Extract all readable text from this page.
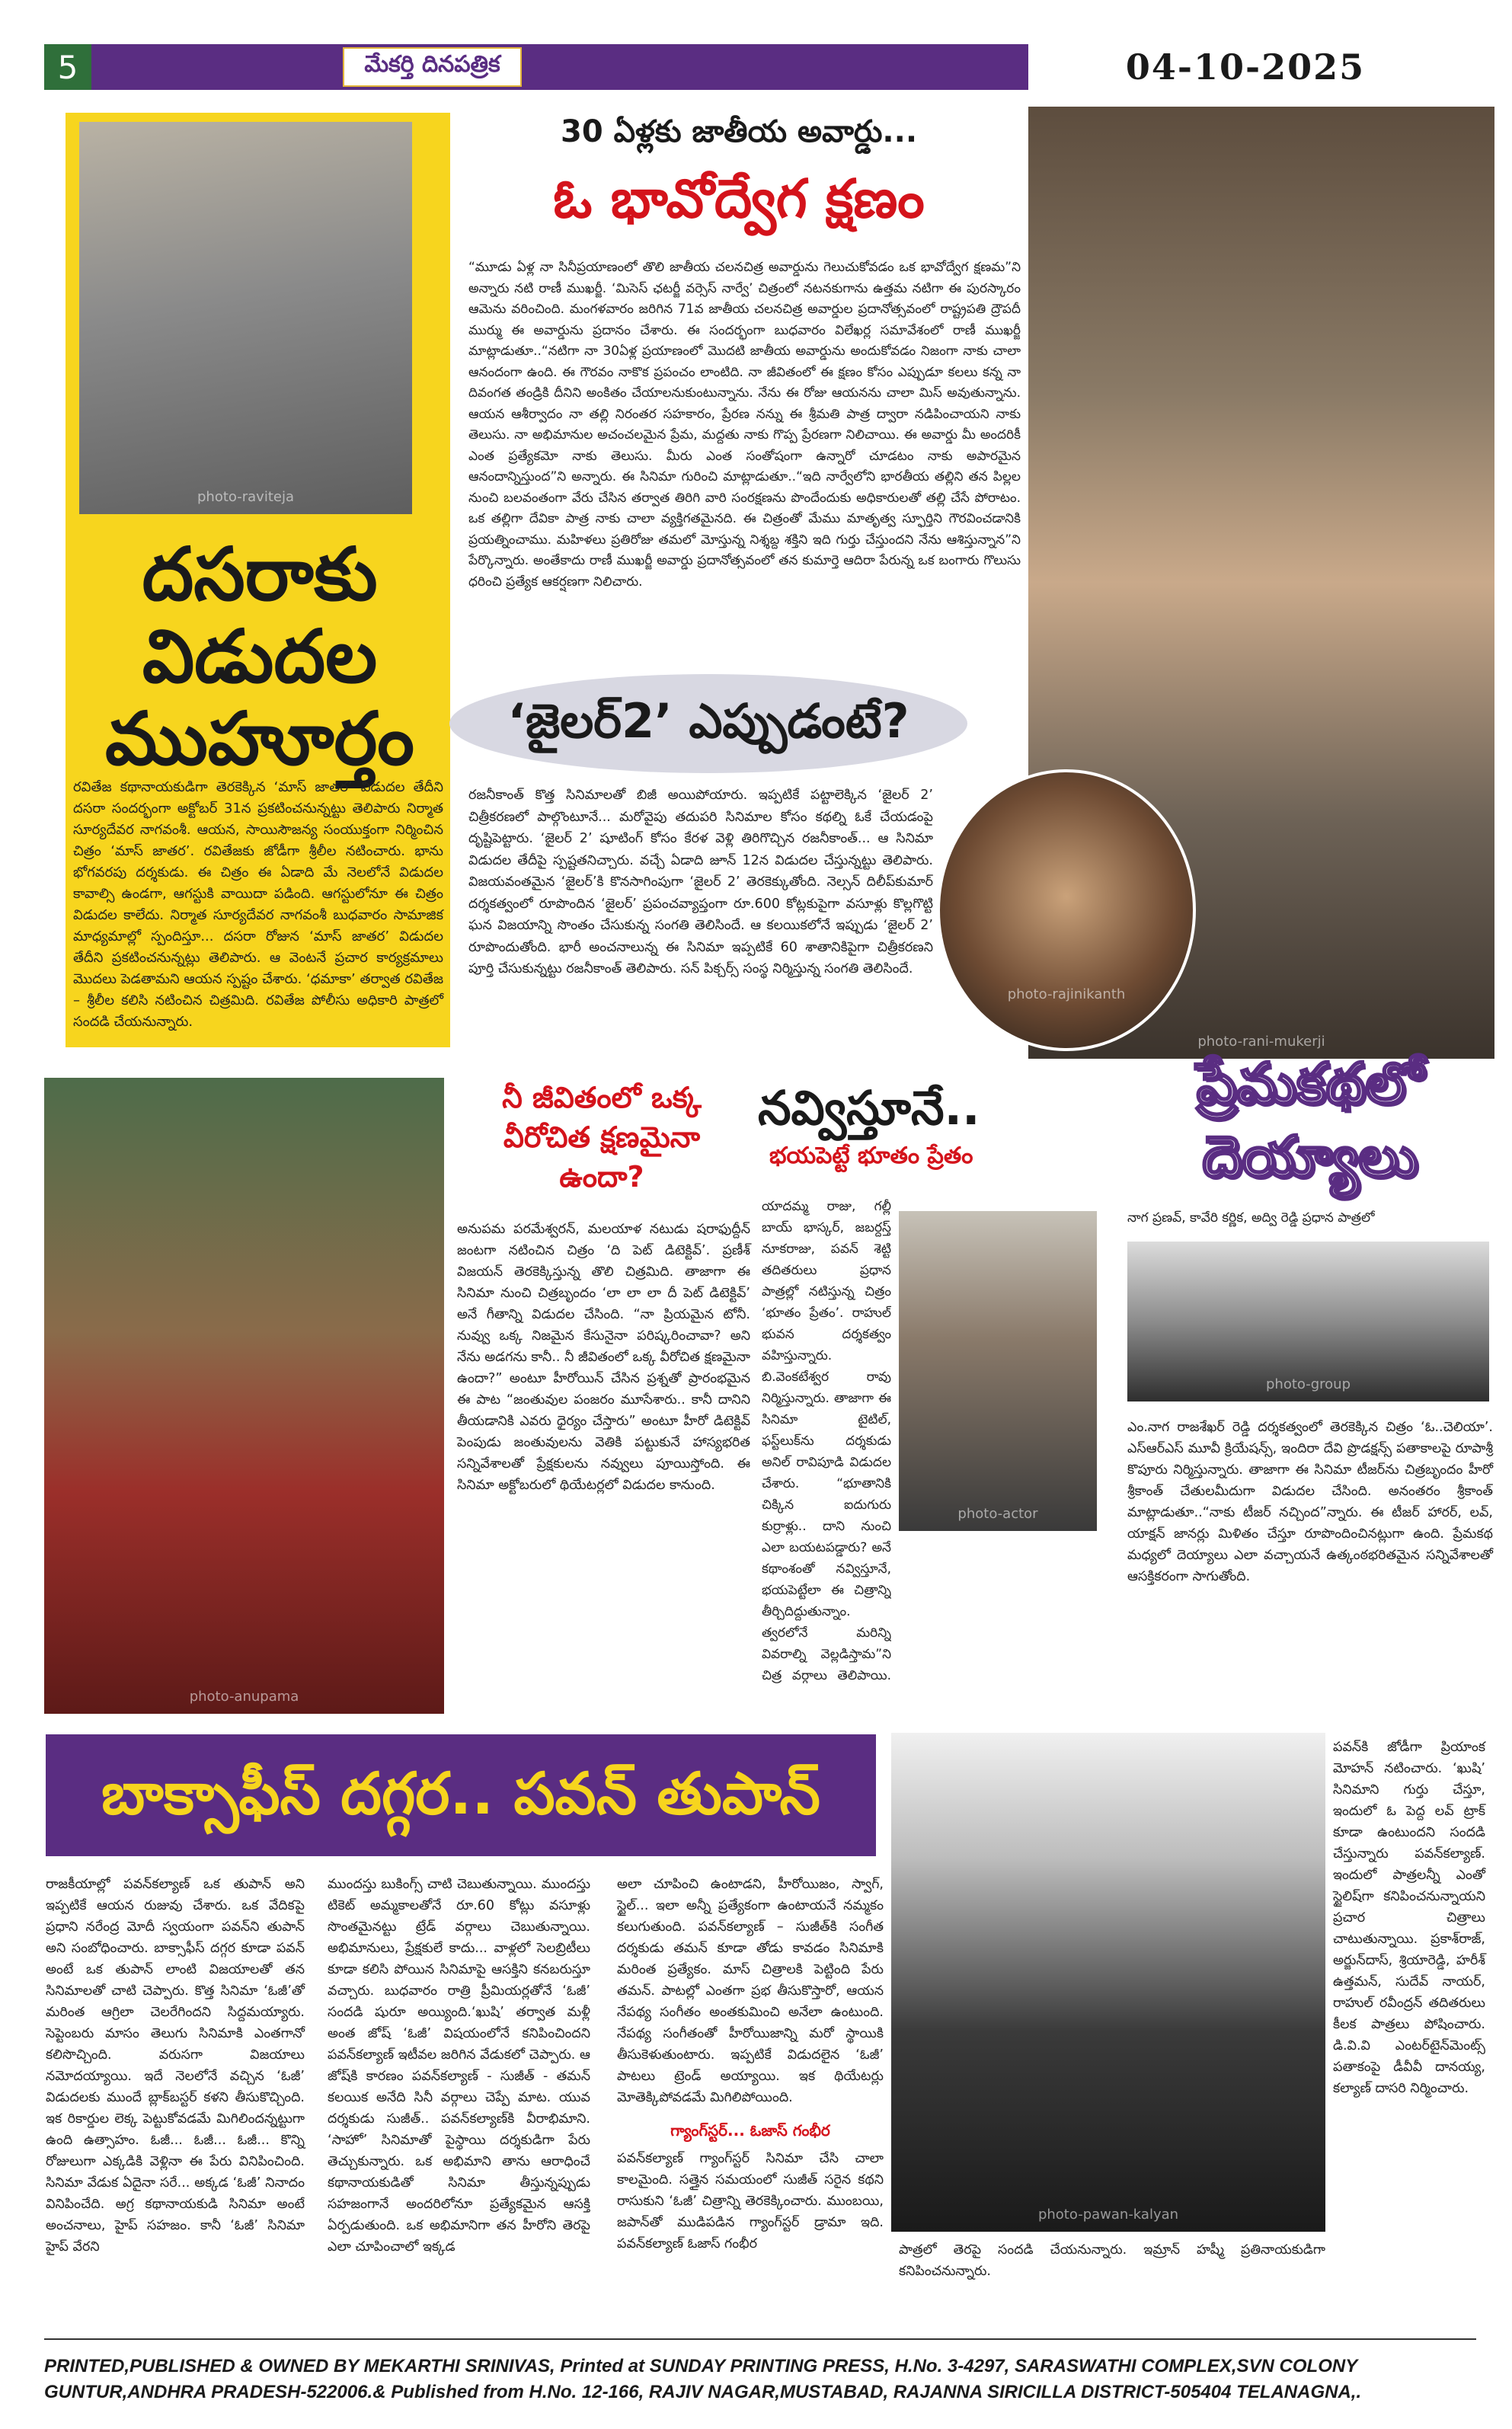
5	మేకర్తి దినపత్రిక	04-10-2025
photo-raviteja
దసరాకు
విడుదల
ముహూర్తం
రవితేజ కథానాయకుడిగా తెరకెక్కిన ‘మాస్ జాతర’ విడుదల తేదీని దసరా సందర్భంగా అక్టోబర్ 31న ప్రకటించనున్నట్టు తెలిపారు నిర్మాత సూర్యదేవర నాగవంశీ. ఆయన, సాయిసౌజన్య సంయుక్తంగా నిర్మించిన చిత్రం ‘మాస్ జాతర’. రవితేజకు జోడీగా శ్రీలీల నటించారు. భాను భోగవరపు దర్శకుడు. ఈ చిత్రం ఈ ఏడాది మే నెలలోనే విడుదల కావాల్సి ఉండగా, ఆగస్టుకి వాయిదా పడింది. ఆగస్టులోనూ ఈ చిత్రం విడుదల కాలేదు. నిర్మాత సూర్యదేవర నాగవంశీ బుధవారం సామాజిక మాధ్యమాల్లో స్పందిస్తూ... దసరా రోజున ‘మాస్ జాతర’ విడుదల తేదీని ప్రకటించనున్నట్లు తెలిపారు. ఆ వెంటనే ప్రచార కార్యక్రమాలు మొదలు పెడతామని ఆయన స్పష్టం చేశారు. ‘ధమాకా’ తర్వాత రవితేజ – శ్రీలీల కలిసి నటించిన చిత్రమిది. రవితేజ పోలీసు అధికారి పాత్రలో సందడి చేయనున్నారు.
30 ఏళ్లకు జాతీయ అవార్డు...
ఓ భావోద్వేగ క్షణం
“మూడు ఏళ్ల నా సినీప్రయాణంలో తొలి జాతీయ చలనచిత్ర అవార్డును గెలుచుకోవడం ఒక భావోద్వేగ క్షణమ”ని అన్నారు నటి రాణీ ముఖర్జీ. ‘మిసెస్ ఛటర్జీ వర్సెస్ నార్వే’ చిత్రంలో నటనకుగాను ఉత్తమ నటిగా ఈ పురస్కారం ఆమెను వరించింది. మంగళవారం జరిగిన 71వ జాతీయ చలనచిత్ర అవార్డుల ప్రదానోత్సవంలో రాష్ట్రపతి ద్రౌపదీ ముర్ము ఈ అవార్డును ప్రదానం చేశారు. ఈ సందర్భంగా బుధవారం విలేఖర్ల సమావేశంలో రాణీ ముఖర్జీ మాట్లాడుతూ..“నటిగా నా 30ఏళ్ల ప్రయాణంలో మొదటి జాతీయ అవార్డును అందుకోవడం నిజంగా నాకు చాలా ఆనందంగా ఉంది. ఈ గౌరవం నాకొక ప్రపంచం లాంటిది. నా జీవితంలో ఈ క్షణం కోసం ఎప్పుడూ కలలు కన్న నా దివంగత తండ్రికి దీనిని అంకితం చేయాలనుకుంటున్నాను. నేను ఈ రోజు ఆయనను చాలా మిస్ అవుతున్నాను. ఆయన ఆశీర్వాదం నా తల్లి నిరంతర సహకారం, ప్రేరణ నన్ను ఈ శ్రీమతి పాత్ర ద్వారా నడిపించాయని నాకు తెలుసు. నా అభిమానుల అచంచలమైన ప్రేమ, మద్దతు నాకు గొప్ప ప్రేరణగా నిలిచాయి. ఈ అవార్డు మీ అందరికీ ఎంత ప్రత్యేకమో నాకు తెలుసు. మీరు ఎంత సంతోషంగా ఉన్నారో చూడటం నాకు అపారమైన ఆనందాన్నిస్తుంద”ని అన్నారు. ఈ సినిమా గురించి మాట్లాడుతూ..“ఇది నార్వేలోని భారతీయ తల్లిని తన పిల్లల నుంచి బలవంతంగా వేరు చేసిన తర్వాత తిరిగి వారి సంరక్షణను పొందేందుకు అధికారులతో తల్లి చేసే పోరాటం. ఒక తల్లిగా దేవికా పాత్ర నాకు చాలా వ్యక్తిగతమైనది. ఈ చిత్రంతో మేము మాతృత్వ స్ఫూర్తిని గౌరవించడానికి ప్రయత్నించాము. మహిళలు ప్రతిరోజు తమలో మోస్తున్న నిశ్శబ్ద శక్తిని ఇది గుర్తు చేస్తుందని నేను ఆశిస్తున్నాన”ని పేర్కొన్నారు. అంతేకాదు రాణీ ముఖర్జీ అవార్డు ప్రదానోత్సవంలో తన కుమార్తె ఆదిరా పేరున్న ఒక బంగారు గొలుసు ధరించి ప్రత్యేక ఆకర్షణగా నిలిచారు.
photo-rani-mukerji
‘జైలర్2’ ఎప్పుడంటే?
రజనీకాంత్ కొత్త సినిమాలతో బిజీ అయిపోయారు. ఇప్పటికే పట్టాలెక్కిన ‘జైలర్ 2’ చిత్రీకరణలో పాల్గొంటూనే... మరోవైపు తదుపరి సినిమాల కోసం కథల్ని ఓకే చేయడంపై దృష్టిపెట్టారు. ‘జైలర్ 2’ షూటింగ్ కోసం కేరళ వెళ్లి తిరిగొచ్చిన రజనీకాంత్... ఆ సినిమా విడుదల తేదీపై స్పష్టతనిచ్చారు. వచ్చే ఏడాది జూన్ 12న విడుదల చేస్తున్నట్టు తెలిపారు. విజయవంతమైన ‘జైలర్’కి కొనసాగింపుగా ‘జైలర్ 2’ తెరకెక్కుతోంది. నెల్సన్ దిలీప్‌కుమార్ దర్శకత్వంలో రూపొందిన ‘జైలర్’ ప్రపంచవ్యాప్తంగా రూ.600 కోట్లకుపైగా వసూళ్లు కొల్లగొట్టి ఘన విజయాన్ని సొంతం చేసుకున్న సంగతి తెలిసిందే. ఆ కలయికలోనే ఇప్పుడు ‘జైలర్ 2’ రూపొందుతోంది. భారీ అంచనాలున్న ఈ సినిమా ఇప్పటికే 60 శాతానికిపైగా చిత్రీకరణని పూర్తి చేసుకున్నట్టు రజనీకాంత్ తెలిపారు. సన్ పిక్చర్స్ సంస్థ నిర్మిస్తున్న సంగతి తెలిసిందే.
photo-rajinikanth
photo-anupama
నీ జీవితంలో ఒక్క వీరోచిత క్షణమైనా ఉందా?
అనుపమ పరమేశ్వరన్, మలయాళ నటుడు షరాఫుద్దీన్ జంటగా నటించిన చిత్రం ‘ది పెట్ డిటెక్టివ్’. ప్రణీశ్ విజయన్ తెరకెక్కిస్తున్న తొలి చిత్రమిది. తాజాగా ఈ సినిమా నుంచి చిత్రబృందం ‘లా లా లా దీ పెట్ డిటెక్టివ్’ అనే గీతాన్ని విడుదల చేసింది. “నా ప్రియమైన టోనీ. నువ్వు ఒక్క నిజమైన కేసునైనా పరిష్కరించావా? అని నేను అడగను కానీ.. నీ జీవితంలో ఒక్క వీరోచిత క్షణమైనా ఉందా?” అంటూ హీరోయిన్ చేసిన ప్రశ్నతో ప్రారంభమైన ఈ పాట “జంతువుల పంజరం మూసేశారు.. కానీ దానిని తీయడానికి ఎవరు ధైర్యం చేస్తారు” అంటూ హీరో డిటెక్టివ్ పెంపుడు జంతువులను వెతికి పట్టుకునే హాస్యభరిత సన్నివేశాలతో ప్రేక్షకులను నవ్వులు పూయిస్తోంది. ఈ సినిమా అక్టోబరులో థియేటర్లలో విడుదల కానుంది.
నవ్విస్తూనే..
భయపెట్టే భూతం ప్రేతం
యాదమ్మ రాజు, గల్లీ బాయ్ భాస్కర్, జబర్దస్త్ నూకరాజు, పవన్ శెట్టి తదితరులు ప్రధాన పాత్రల్లో నటిస్తున్న చిత్రం ‘భూతం ప్రేతం’. రాహుల్ భువన దర్శకత్వం వహిస్తున్నారు. బి.వెంకటేశ్వర రావు నిర్మిస్తున్నారు. తాజాగా ఈ సినిమా టైటిల్, ఫస్ట్‌లుక్‌ను దర్శకుడు అనిల్ రావిపూడి విడుదల చేశారు. “భూతానికి చిక్కిన ఐదుగురు కుర్రాళ్లు.. దాని నుంచి ఎలా బయటపడ్డారు? అనే కథాంశంతో నవ్విస్తూనే, భయపెట్టేలా ఈ చిత్రాన్ని తీర్చిదిద్దుతున్నాం. త్వరలోనే మరిన్ని వివరాల్ని వెల్లడిస్తామ”ని చిత్ర వర్గాలు తెలిపాయి.
photo-actor
ప్రేమకథలో
దెయ్యాలు
నాగ ప్రణవ్, కావేరి కర్ణిక, అద్వి రెడ్డి ప్రధాన పాత్రలో
photo-group
ఎం.నాగ రాజశేఖర్ రెడ్డి దర్శకత్వంలో తెరకెక్కిన చిత్రం ‘ఓ..చెలియా’. ఎస్ఆర్ఎస్ మూవీ క్రియేషన్స్, ఇందిరా దేవి ప్రొడక్షన్స్ పతాకాలపై రూపాశ్రీ కొపూరు నిర్మిస్తున్నారు. తాజాగా ఈ సినిమా టీజర్‌ను చిత్రబృందం హీరో శ్రీకాంత్ చేతులమీదుగా విడుదల చేసింది. అనంతరం శ్రీకాంత్ మాట్లాడుతూ..“నాకు టీజర్ నచ్చింద”న్నారు. ఈ టీజర్ హారర్, లవ్, యాక్షన్ జానర్లు మిళితం చేస్తూ రూపొందించినట్లుగా ఉంది. ప్రేమకథ మధ్యలో దెయ్యాలు ఎలా వచ్చాయనే ఉత్కంఠభరితమైన సన్నివేశాలతో ఆసక్తికరంగా సాగుతోంది.
బాక్సాఫీస్ దగ్గర.. పవన్ తుపాన్
రాజకీయాల్లో పవన్‌కల్యాణ్ ఒక తుపాన్ అని ఇప్పటికే ఆయన రుజువు చేశారు. ఒక వేదికపై ప్రధాని నరేంద్ర మోదీ స్వయంగా పవన్‌ని తుపాన్ అని సంబోధించారు. బాక్సాఫీస్ దగ్గర కూడా పవన్ అంటే ఒక తుపాన్ లాంటి విజయాలతో తన సినిమాలతో చాటి చెప్పారు. కొత్త సినిమా ‘ఓజీ’తో మరింత ఆగ్రిలా చెలరేగిందని సిద్దమయ్యారు. సెప్టెంబరు మాసం తెలుగు సినిమాకి ఎంతగానో కలిసొచ్చింది. వరుసగా విజయాలు నమోదయ్యాయి. ఇదే నెలలోనే వచ్చిన ‘ఓజీ’ విడుదలకు ముందే బ్లాక్‌బస్టర్ కళని తీసుకొచ్చింది. ఇక రికార్డుల లెక్క పెట్టుకోవడమే మిగిలిందన్నట్టుగా ఉంది ఉత్సాహం. ఓజీ... ఓజీ... ఓజీ... కొన్ని రోజులుగా ఎక్కడికి వెళ్లినా ఈ పేరు వినిపించింది. సినిమా వేడుక ఏదైనా సరే... అక్కడ ‘ఓజీ’ నినాదం వినిపించేది. అగ్ర కథానాయకుడి సినిమా అంటే అంచనాలు, హైప్ సహజం. కానీ ‘ఓజీ’ సినిమా హైప్ వేరని
ముందస్తు బుకింగ్స్ చాటి చెబుతున్నాయి. ముందస్తు టికెట్ అమ్మకాలతోనే రూ.60 కోట్లు వసూళ్లు సొంతమైనట్టు ట్రేడ్ వర్గాలు చెబుతున్నాయి. అభిమానులు, ప్రేక్షకులే కాదు... వాళ్లలో సెలబ్రిటీలు కూడా కలిసి పోయిన సినిమాపై ఆసక్తిని కనబరుస్తూ వచ్చారు. బుధవారం రాత్రి ప్రీమియర్లతోనే ‘ఓజీ’ సందడి షురూ అయ్యింది.‘ఖుషి’ తర్వాత మళ్లీ అంత జోష్ ‘ఓజీ’ విషయంలోనే కనిపించిందని పవన్‌కల్యాణ్ ఇటీవల జరిగిన వేడుకలో చెప్పారు. ఆ జోష్‌కి కారణం పవన్‌కల్యాణ్ - సుజీత్ - తమన్ కలయిక అనేది సినీ వర్గాలు చెప్పే మాట. యువ దర్శకుడు సుజీత్.. పవన్‌కల్యాణ్‌కి వీరాభిమాని. ‘సాహో’ సినిమాతో పైస్థాయి దర్శకుడిగా పేరు తెచ్చుకున్నారు. ఒక అభిమాని తాను ఆరాధించే కథానాయకుడితో సినిమా తీస్తున్నప్పుడు సహజంగానే అందరిలోనూ ప్రత్యేకమైన ఆసక్తి ఏర్పడుతుంది. ఒక అభిమానిగా తన హీరోని తెరపై ఎలా చూపించాలో ఇక్కడ
అలా చూపించి ఉంటాడని, హీరోయిజం, స్వాగ్, స్టైల్... ఇలా అన్నీ ప్రత్యేకంగా ఉంటాయనే నమ్మకం కలుగుతుంది. పవన్‌కల్యాణ్ – సుజీత్‌కి సంగీత దర్శకుడు తమన్ కూడా తోడు కావడం సినిమాకి మరింత ప్రత్యేకం. మాస్ చిత్రాలకి పెట్టింది పేరు తమన్. పాటల్లో ఎంతగా ప్రభ తీసుకొస్తారో, ఆయన నేపథ్య సంగీతం అంతకుమించి అనేలా ఉంటుంది. నేపథ్య సంగీతంతో హీరోయిజాన్ని మరో స్థాయికి తీసుకెళుతుంటారు. ఇప్పటికే విడుదలైన ‘ఓజీ’ పాటలు ట్రెండ్ అయ్యాయి. ఇక థియేటర్లు మోతెక్కిపోవడమే మిగిలిపోయింది.
గ్యాంగ్‌స్టర్... ఓజాస్ గంభీర
పవన్‌కల్యాణ్ గ్యాంగ్‌స్టర్ సినిమా చేసి చాలా కాలమైంది. సత్తైన సమయంలో సుజీత్ సరైన కథని రాసుకుని ‘ఓజీ’ చిత్రాన్ని తెరకెక్కించారు. ముంబయి, జపాన్‌తో ముడిపడిన గ్యాంగ్‌స్టర్ డ్రామా ఇది. పవన్‌కల్యాణ్ ఓజాస్ గంభీర
photo-pawan-kalyan
పాత్రలో తెరపై సందడి చేయనున్నారు. ఇమ్రాన్ హష్మీ ప్రతినాయకుడిగా కనిపించనున్నారు.
పవన్‌కి జోడీగా ప్రియాంక మోహన్ నటించారు. ‘ఖుషి’ సినిమాని గుర్తు చేస్తూ, ఇందులో ఓ పెద్ద లవ్ ట్రాక్ కూడా ఉంటుందని సందడి చేస్తున్నారు పవన్‌కల్యాణ్. ఇందులో పాత్రలన్నీ ఎంతో స్టైలిష్‌గా కనిపించనున్నాయని ప్రచార చిత్రాలు చాటుతున్నాయి. ప్రకాశ్‌రాజ్, అర్జున్‌దాస్, శ్రియారెడ్డి, హరీశ్ ఉత్తమన్, సుదేవ్ నాయర్, రాహుల్ రవీంద్రన్ తదితరులు కీలక పాత్రలు పోషించారు. డి.వి.వి ఎంటర్‌టైన్‌మెంట్స్ పతాకంపై డీవీవీ దానయ్య, కల్యాణ్ దాసరి నిర్మించారు.
PRINTED,PUBLISHED & OWNED BY MEKARTHI SRINIVAS, Printed at SUNDAY PRINTING PRESS, H.No. 3-4297, SARASWATHI COMPLEX,SVN COLONY
GUNTUR,ANDHRA PRADESH-522006.& Published from H.No. 12-166, RAJIV NAGAR,MUSTABAD, RAJANNA SIRICILLA DISTRICT-505404 TELANAGNA,.
